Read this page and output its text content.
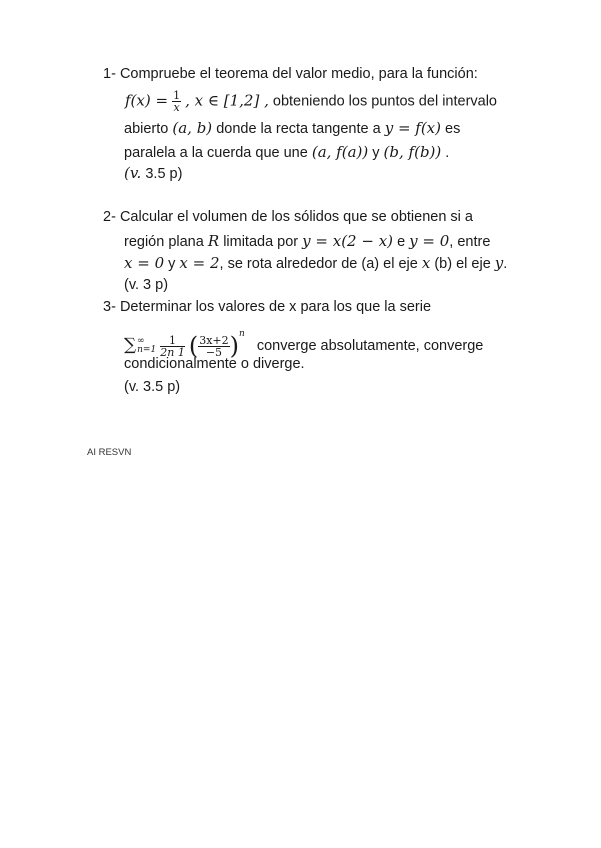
1- Compruebe el teorema del valor medio, para la función:
$f(x) = \frac{1}{x}$ , x ∈ [1,2] , obteniendo los puntos del intervalo
abierto (a, b) donde la recta tangente a y = f(x) es
paralela a la cuerda que une (a, f(a)) y (b, f(b)) .
(v. 3.5 p)
2- Calcular el volumen de los sólidos que se obtienen si a
región plana R limitada por y = x(2 − x) e y = 0, entre
x = 0 y x = 2, se rota alrededor de (a) el eje x (b) el eje y.
(v. 3 p)
3- Determinar los valores de x para los que la serie
∑ ∞
n=1
$\frac{1}{2n 1}$ ( $\frac{3x+2}{-5} )^n$ converge absolutamente, converge
condicionalmente o diverge.
(v. 3.5 p)
AI RESVN
